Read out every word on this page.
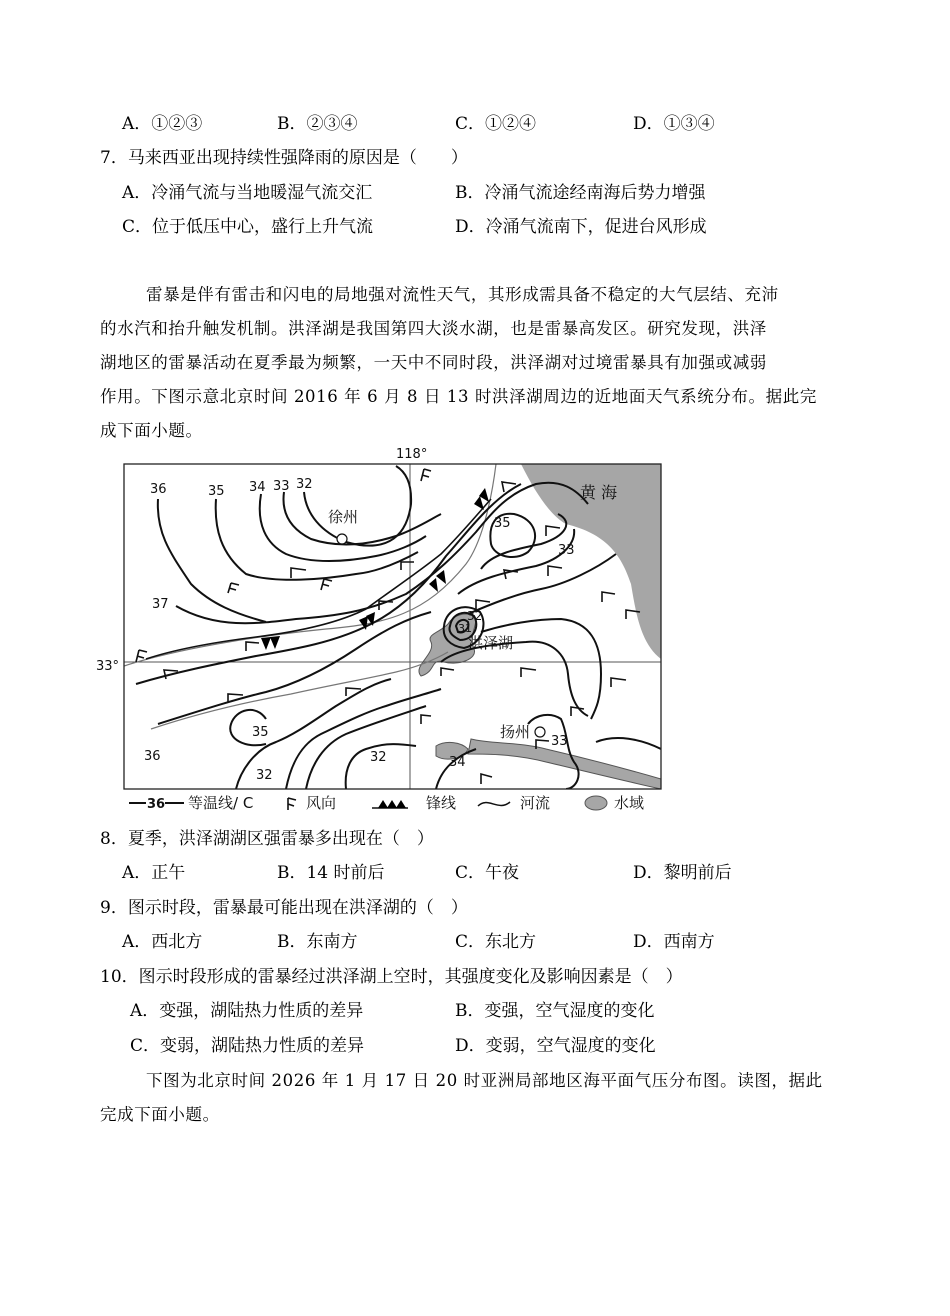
A．①②③	B．②③④	C．①②④	D．①③④
7．马来西亚出现持续性强降雨的原因是（　　）
A．冷涌气流与当地暖湿气流交汇	B．冷涌气流途经南海后势力增强
C．位于低压中心，盛行上升气流	D．冷涌气流南下，促进台风形成
雷暴是伴有雷击和闪电的局地强对流性天气，其形成需具备不稳定的大气层结、充沛
的水汽和抬升触发机制。洪泽湖是我国第四大淡水湖，也是雷暴高发区。研究发现，洪泽
湖地区的雷暴活动在夏季最为频繁，一天中不同时段，洪泽湖对过境雷暴具有加强或减弱
作用。下图示意北京时间 2016 年 6 月 8 日 13 时洪泽湖周边的近地面天气系统分布。据此完
成下面小题。
118°
33°
黄 海
徐州
洪泽湖
扬州
36	35 34 33 32
35
33
37
32
31
35
36
32
32	34
33
36 等温线/ C	风向	锋线	河流	水域
8．夏季，洪泽湖湖区强雷暴多出现在（　）
A．正午	B．14 时前后	C．午夜	D．黎明前后
9．图示时段，雷暴最可能出现在洪泽湖的（　）
A．西北方	B．东南方	C．东北方	D．西南方
10．图示时段形成的雷暴经过洪泽湖上空时，其强度变化及影响因素是（　）
A．变强，湖陆热力性质的差异	B．变强，空气湿度的变化
C．变弱，湖陆热力性质的差异	D．变弱，空气湿度的变化
下图为北京时间 2026 年 1 月 17 日 20 时亚洲局部地区海平面气压分布图。读图，据此
完成下面小题。
